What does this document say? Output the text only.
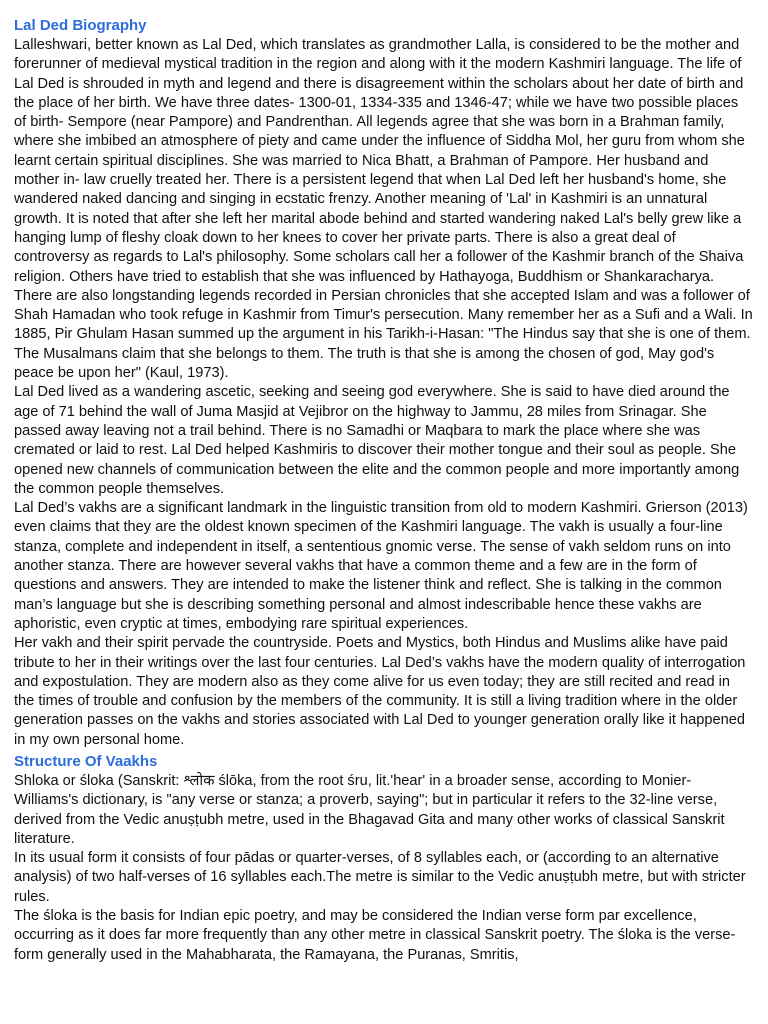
Lal Ded Biography

Lalleshwari, better known as Lal Ded, which translates as grandmother Lalla, is considered to be the mother and forerunner of medieval mystical tradition in the region and along with it the modern Kashmiri language. The life of Lal Ded is shrouded in myth and legend and there is disagreement within the scholars about her date of birth and the place of her birth. We have three dates- 1300-01, 1334-335 and 1346-47; while we have two possible places of birth- Sempore (near Pampore) and Pandrenthan. All legends agree that she was born in a Brahman family, where she imbibed an atmosphere of piety and came under the influence of Siddha Mol, her guru from whom she learnt certain spiritual disciplines. She was married to Nica Bhatt, a Brahman of Pampore. Her husband and mother in- law cruelly treated her. There is a persistent legend that when Lal Ded left her husband's home, she wandered naked dancing and singing in ecstatic frenzy. Another meaning of 'Lal' in Kashmiri is an unnatural growth. It is noted that after she left her marital abode behind and started wandering naked Lal's belly grew like a hanging lump of fleshy cloak down to her knees to cover her private parts. There is also a great deal of controversy as regards to Lal's philosophy. Some scholars call her a follower of the Kashmir branch of the Shaiva religion. Others have tried to establish that she was influenced by Hathayoga, Buddhism or Shankaracharya. There are also longstanding legends recorded in Persian chronicles that she accepted Islam and was a follower of Shah Hamadan who took refuge in Kashmir from Timur's persecution. Many remember her as a Sufi and a Wali. In 1885, Pir Ghulam Hasan summed up the argument in his Tarikh-i-Hasan: "The Hindus say that she is one of them. The Musalmans claim that she belongs to them. The truth is that she is among the chosen of god, May god's peace be upon her" (Kaul, 1973).

Lal Ded lived as a wandering ascetic, seeking and seeing god everywhere. She is said to have died around the age of 71 behind the wall of Juma Masjid at Vejibror on the highway to Jammu, 28 miles from Srinagar. She passed away leaving not a trail behind. There is no Samadhi or Maqbara to mark the place where she was cremated or laid to rest. Lal Ded helped Kashmiris to discover their mother tongue and their soul as people. She opened new channels of communication between the elite and the common people and more importantly among the common people themselves.

Lal Ded’s vakhs are a significant landmark in the linguistic transition from old to modern Kashmiri. Grierson (2013) even claims that they are the oldest known specimen of the Kashmiri language. The vakh is usually a four-line stanza, complete and independent in itself, a sententious gnomic verse. The sense of vakh seldom runs on into another stanza. There are however several vakhs that have a common theme and a few are in the form of questions and answers. They are intended to make the listener think and reflect. She is talking in the common man’s language but she is describing something personal and almost indescribable hence these vakhs are aphoristic, even cryptic at times, embodying rare spiritual experiences.

Her vakh and their spirit pervade the countryside. Poets and Mystics, both Hindus and Muslims alike have paid tribute to her in their writings over the last four centuries. Lal Ded’s vakhs have the modern quality of interrogation and expostulation. They are modern also as they come alive for us even today; they are still recited and read in the times of trouble and confusion by the members of the community. It is still a living tradition where in the older generation passes on the vakhs and stories associated with Lal Ded to younger generation orally like it happened in my own personal home.

Structure Of Vaakhs

Shloka or śloka (Sanskrit: श्लोक ślōka, from the root śru, lit.'hear' in a broader sense, according to Monier-Williams's dictionary, is "any verse or stanza; a proverb, saying"; but in particular it refers to the 32-line verse, derived from the Vedic anuṣṭubh metre, used in the Bhagavad Gita and many other works of classical Sanskrit literature.

In its usual form it consists of four pādas or quarter-verses, of 8 syllables each, or (according to an alternative analysis) of two half-verses of 16 syllables each.The metre is similar to the Vedic anuṣṭubh metre, but with stricter rules.

The śloka is the basis for Indian epic poetry, and may be considered the Indian verse form par excellence, occurring as it does far more frequently than any other metre in classical Sanskrit poetry. The śloka is the verse-form generally used in the Mahabharata, the Ramayana, the Puranas, Smritis,
